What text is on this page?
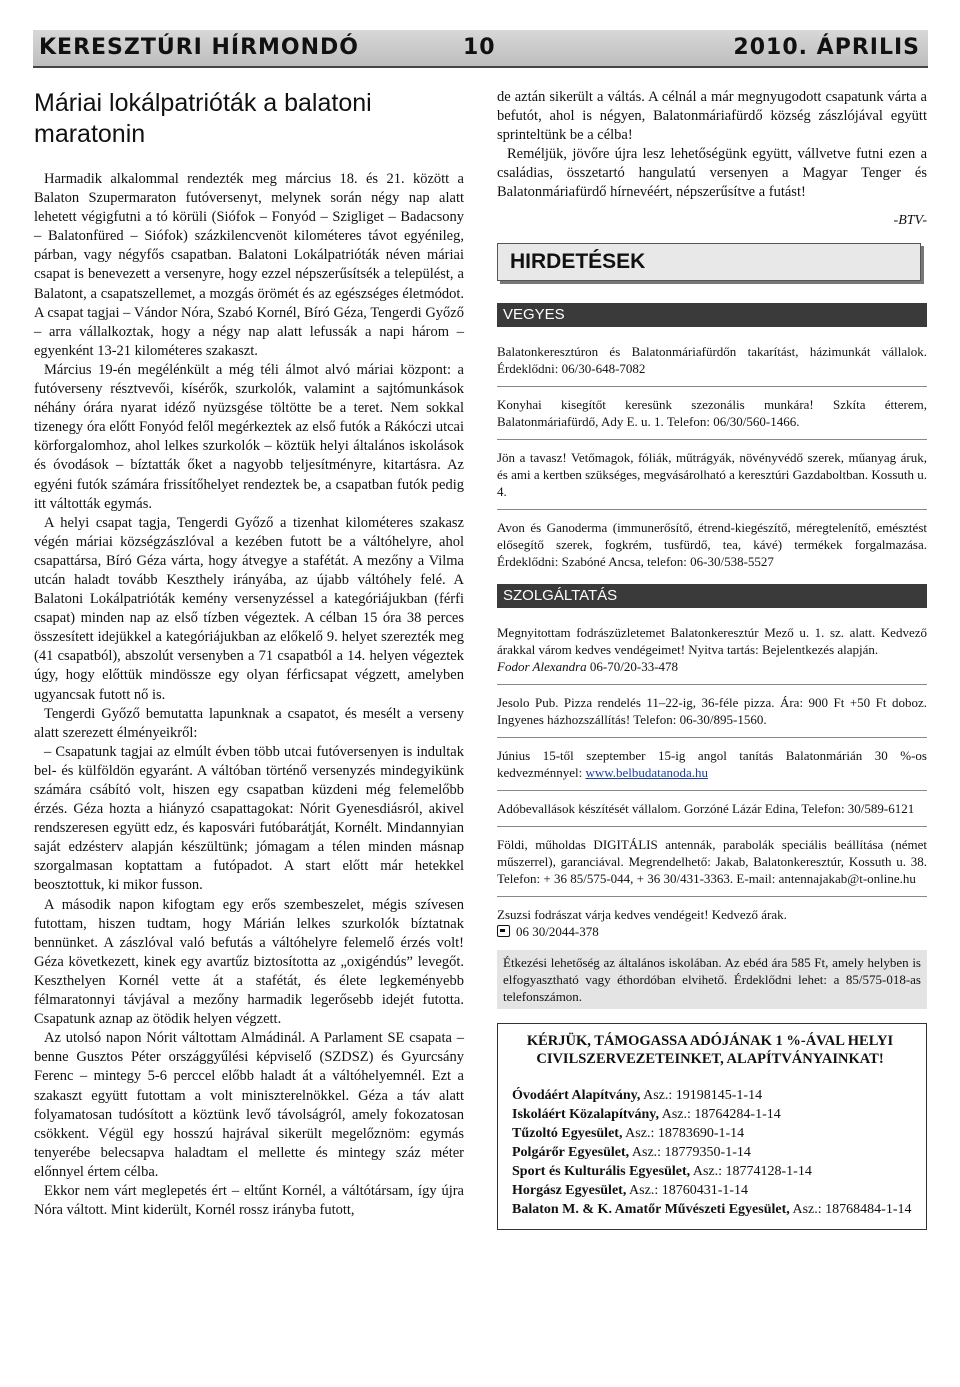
KERESZTÚRI HÍRMONDÓ	10	2010. ÁPRILIS
Máriai lokálpatrióták a balatoni maratonin

Harmadik alkalommal rendezték meg március 18. és 21. között a Balaton Szupermaraton futóversenyt, melynek során négy nap alatt lehetett végigfutni a tó körüli (Siófok – Fonyód – Szigliget – Badacsony – Balatonfüred – Siófok) százkilencvenöt kilométeres távot egyénileg, párban, vagy négyfős csapatban. Balatoni Lokálpatrióták néven máriai csapat is benevezett a versenyre, hogy ezzel népszerűsítsék a települést, a Balatont, a csapatszellemet, a mozgás örömét és az egészséges életmódot. A csapat tagjai – Vándor Nóra, Szabó Kornél, Bíró Géza, Tengerdi Győző – arra vállalkoztak, hogy a négy nap alatt lefussák a napi három – egyenként 13-21 kilométeres szakaszt.

Március 19-én megélénkült a még téli álmot alvó máriai központ: a futóverseny résztvevői, kísérők, szurkolók, valamint a sajtómunkások néhány órára nyarat idéző nyüzsgése töltötte be a teret. Nem sokkal tizenegy óra előtt Fonyód felől megérkeztek az első futók a Rákóczi utcai körforgalomhoz, ahol lelkes szurkolók – köztük helyi általános iskolások és óvodások – bíztatták őket a nagyobb teljesítményre, kitartásra. Az egyéni futók számára frissítőhelyet rendeztek be, a csapatban futók pedig itt váltották egymás.

A helyi csapat tagja, Tengerdi Győző a tizenhat kilométeres szakasz végén máriai községzászlóval a kezében futott be a váltóhelyre, ahol csapattársa, Bíró Géza várta, hogy átvegye a stafétát. A mezőny a Vilma utcán haladt tovább Keszthely irányába, az újabb váltóhely felé. A Balatoni Lokálpatrióták kemény versenyzéssel a kategóriájukban (férfi csapat) minden nap az első tízben végeztek. A célban 15 óra 38 perces összesített idejükkel a kategóriájukban az előkelő 9. helyet szerezték meg (41 csapatból), abszolút versenyben a 71 csapatból a 14. helyen végeztek úgy, hogy előttük mindössze egy olyan férficsapat végzett, amelyben ugyancsak futott nő is.

Tengerdi Győző bemutatta lapunknak a csapatot, és mesélt a verseny alatt szerezett élményeikről:

– Csapatunk tagjai az elmúlt évben több utcai futóversenyen is indultak bel- és külföldön egyaránt. A váltóban történő versenyzés mindegyikünk számára csábító volt, hiszen egy csapatban küzdeni még felemelőbb érzés. Géza hozta a hiányzó csapattagokat: Nórit Gyenesdiásról, akivel rendszeresen együtt edz, és kaposvári futóbarátját, Kornélt. Mindannyian saját edzésterv alapján készültünk; jómagam a télen minden másnap szorgalmasan koptattam a futópadot. A start előtt már hetekkel beosztottuk, ki mikor fusson.

A második napon kifogtam egy erős szembeszelet, mégis szívesen futottam, hiszen tudtam, hogy Márián lelkes szurkolók bíztatnak bennünket. A zászlóval való befutás a váltóhelyre felemelő érzés volt! Géza következett, kinek egy avartűz biztosította az „oxigéndús” levegőt. Keszthelyen Kornél vette át a stafétát, és élete legkeményebb félmaratonnyi távjával a mezőny harmadik legerősebb idejét futotta. Csapatunk aznap az ötödik helyen végzett.

Az utolsó napon Nórit váltottam Almádinál. A Parlament SE csapata – benne Gusztos Péter országgyűlési képviselő (SZDSZ) és Gyurcsány Ferenc – mintegy 5-6 perccel előbb haladt át a váltóhelyemnél. Ezt a szakaszt együtt futottam a volt miniszterelnökkel. Géza a táv alatt folyamatosan tudósított a köztünk levő távolságról, amely fokozatosan csökkent. Végül egy hosszú hajrával sikerült megelőznöm: egymás tenyerébe belecsapva haladtam el mellette és mintegy száz méter előnnyel értem célba.

Ekkor nem várt meglepetés ért – eltűnt Kornél, a váltótársam, így újra Nóra váltott. Mint kiderült, Kornél rossz irányba futott,

de aztán sikerült a váltás. A célnál a már megnyugodott csapatunk várta a befutót, ahol is négyen, Balatonmáriafürdő község zászlójával együtt sprinteltünk be a célba!

Reméljük, jövőre újra lesz lehetőségünk együtt, vállvetve futni ezen a családias, összetartó hangulatú versenyen a Magyar Tenger és Balatonmáriafürdő hírnevéért, népszerűsítve a futást!

-BTV-
HIRDETÉSEK
VEGYES

Balatonkeresztúron és Balatonmáriafürdőn takarítást, házimunkát vállalok. Érdeklődni: 06/30-648-7082

Konyhai kisegítőt keresünk szezonális munkára! Szkíta étterem, Balatonmáriafürdő, Ady E. u. 1. Telefon: 06/30/560-1466.

Jön a tavasz! Vetőmagok, fóliák, műtrágyák, növényvédő szerek, műanyag áruk, és ami a kertben szükséges, megvásárolható a keresztúri Gazdaboltban. Kossuth u. 4.

Avon és Ganoderma (immunerősítő, étrend-kiegészítő, méregtelenítő, emésztést elősegítő szerek, fogkrém, tusfürdő, tea, kávé) termékek forgalmazása. Érdeklődni: Szabóné Ancsa, telefon: 06-30/538-5527

SZOLGÁLTATÁS

Megnyitottam fodrászüzletemet Balatonkeresztúr Mező u. 1. sz. alatt. Kedvező árakkal várom kedves vendégeimet! Nyitva tartás: Bejelentkezés alapján.

Fodor Alexandra 06-70/20-33-478

Jesolo Pub. Pizza rendelés 11–22-ig, 36-féle pizza. Ára: 900 Ft +50 Ft doboz. Ingyenes házhozszállítás! Telefon: 06-30/895-1560.

Június 15-től szeptember 15-ig angol tanítás Balatonmárián 30 %-os kedvezménnyel: www.belbudatanoda.hu

Adóbevallások készítését vállalom. Gorzóné Lázár Edina, Telefon: 30/589-6121

Földi, műholdas DIGITÁLIS antennák, parabolák speciális beállítása (német műszerrel), garanciával. Megrendelhető: Jakab, Balatonkeresztúr, Kossuth u. 38. Telefon: + 36 85/575-044, + 36 30/431-3363. E-mail: antennajakab@t-online.hu

Zsuzsi fodrászat várja kedves vendégeit! Kedvező árak.

06 30/2044-378

Étkezési lehetőség az általános iskolában. Az ebéd ára 585 Ft, amely helyben is elfogyasztható vagy éthordóban elvihető. Érdeklődni lehet: a 85/575-018-as telefonszámon.
KÉRJÜK, TÁMOGASSA ADÓJÁNAK 1 %-ÁVAL HELYI CIVILSZERVEZETEINKET, ALAPÍTVÁNYAINKAT!
Óvodáért Alapítvány, Asz.: 19198145-1-14
Iskoláért Közalapítvány, Asz.: 18764284-1-14
Tűzoltó Egyesület, Asz.: 18783690-1-14
Polgárőr Egyesület, Asz.: 18779350-1-14
Sport és Kulturális Egyesület, Asz.: 18774128-1-14
Horgász Egyesület, Asz.: 18760431-1-14
Balaton M. & K. Amatőr Művészeti Egyesület, Asz.: 18768484-1-14
